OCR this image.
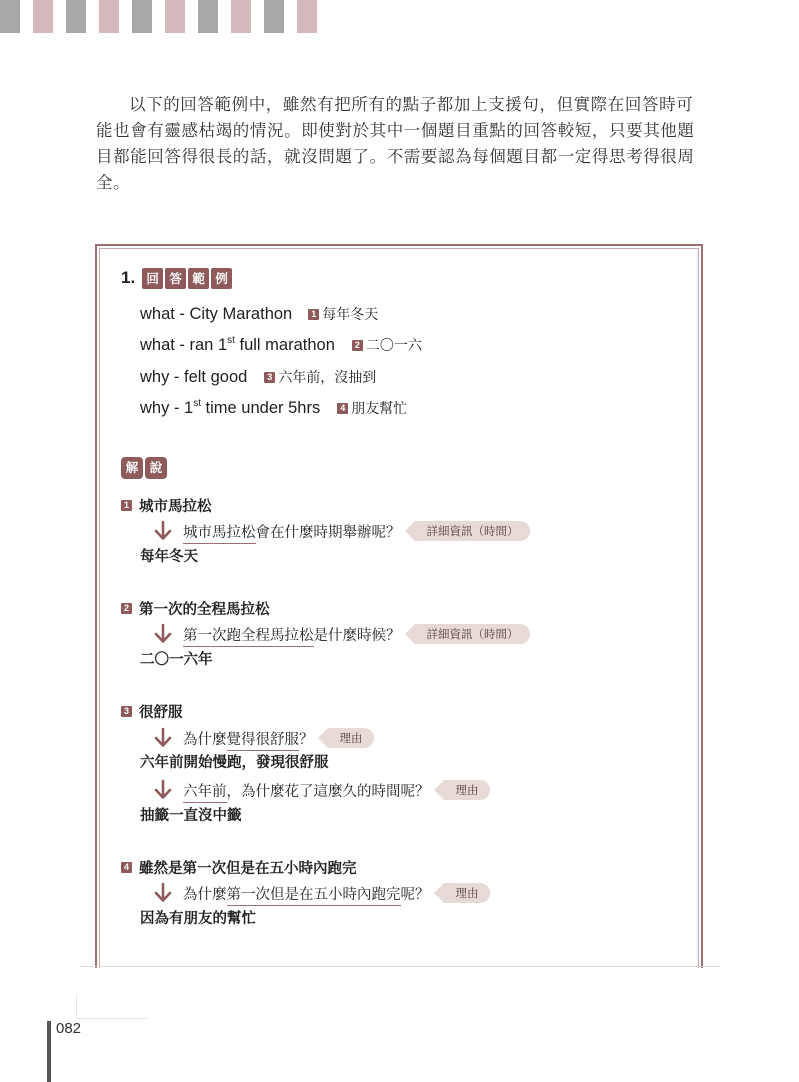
以下的回答範例中，雖然有把所有的點子都加上支援句，但實際在回答時可能也會有靈感枯竭的情況。即使對於其中一個題目重點的回答較短，只要其他題目都能回答得很長的話，就沒問題了。不需要認為每個題目都一定得思考得很周全。

1. 回 答 範 例
what - City Marathon	1 每年冬天
what - ran 1st full marathon	2 二〇一六
why - felt good	3 六年前，沒抽到
why - 1st time under 5hrs	4 朋友幫忙
解 說
1 城市馬拉松
城市馬拉松會在什麼時期舉辦呢？	詳細資訊（時間）
每年冬天
2 第一次的全程馬拉松
第一次跑全程馬拉松是什麼時候？	詳細資訊（時間）
二〇一六年
3 很舒服
為什麼覺得很舒服？	理由
六年前開始慢跑，發現很舒服
六年前，為什麼花了這麼久的時間呢？	理由
抽籤一直沒中籤
4 雖然是第一次但是在五小時內跑完
為什麼第一次但是在五小時內跑完呢？	理由
因為有朋友的幫忙
082
